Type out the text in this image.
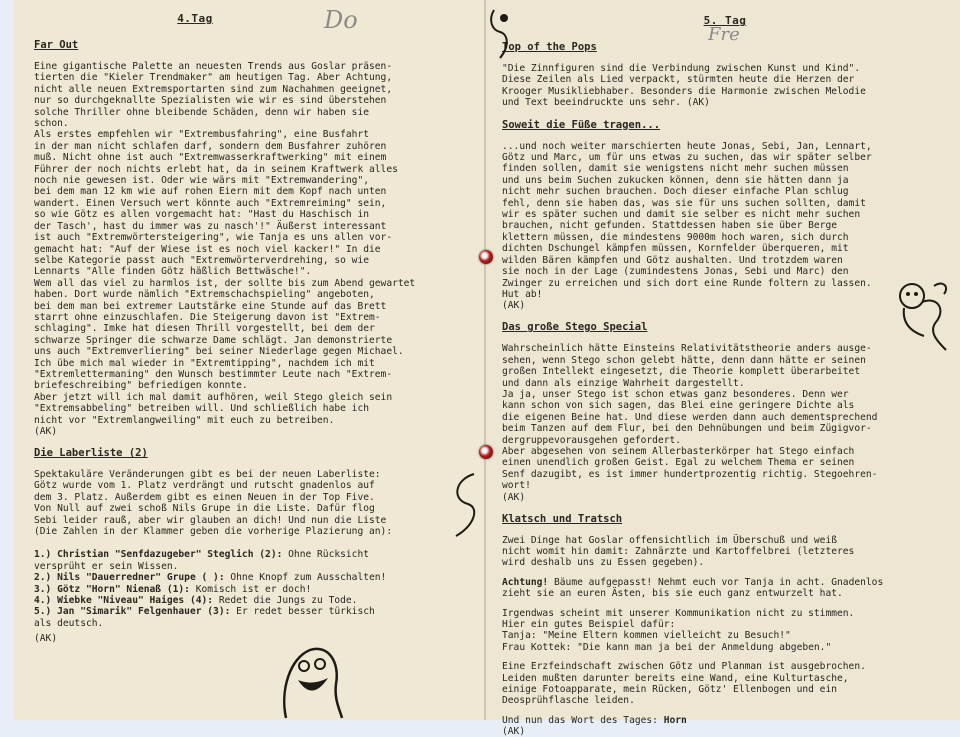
4.Tag	Do
Far Out

Eine gigantische Palette an neuesten Trends aus Goslar präsen-
tierten die "Kieler Trendmaker" am heutigen Tag. Aber Achtung,
nicht alle neuen Extremsportarten sind zum Nachahmen geeignet,
nur so durchgeknallte Spezialisten wie wir es sind überstehen
solche Thriller ohne bleibende Schäden, denn wir haben sie
schon.

Als erstes empfehlen wir "Extrembusfahring", eine Busfahrt
in der man nicht schlafen darf, sondern dem Busfahrer zuhören
muß. Nicht ohne ist auch "Extremwasserkraftwerking" mit einem
Führer der noch nichts erlebt hat, da in seinem Kraftwerk alles
noch nie gewesen ist. Oder wie wärs mit "Extremwandering",
bei dem man 12 km wie auf rohen Eiern mit dem Kopf nach unten
wandert. Einen Versuch wert könnte auch "Extremreiming" sein,
so wie Götz es allen vorgemacht hat: "Hast du Haschisch in
der Tasch', hast du immer was zu nasch'!" Äußerst interessant
ist auch "Extremwörtersteigering", wie Tanja es uns allen vor-
gemacht hat: "Auf der Wiese ist es noch viel kacker!" In die
selbe Kategorie passt auch "Extremwörterverdrehing, so wie
Lennarts "Alle finden Götz häßlich Bettwäsche!".
Wem all das viel zu harmlos ist, der sollte bis zum Abend gewartet
haben. Dort wurde nämlich "Extremschachspieling" angeboten,
bei dem man bei extremer Lautstärke eine Stunde auf das Brett
starrt ohne einzuschlafen. Die Steigerung davon ist "Extrem-
schlaging". Imke hat diesen Thrill vorgestellt, bei dem der
schwarze Springer die schwarze Dame schlägt. Jan demonstrierte
uns auch "Extremverliering" bei seiner Niederlage gegen Michael.
Ich übe mich mal wieder in "Extremtipping", nachdem ich mit
"Extremlettermaning" den Wunsch bestimmter Leute nach "Extrem-
briefeschreibing" befriedigen konnte.
Aber jetzt will ich mal damit aufhören, weil Stego gleich sein
"Extremsabbeling" betreiben will. Und schließlich habe ich
nicht vor "Extremlangweiling" mit euch zu betreiben.

(AK)
Die Laberliste (2)

Spektakuläre Veränderungen gibt es bei der neuen Laberliste:
Götz wurde vom 1. Platz verdrängt und rutscht gnadenlos auf
dem 3. Platz. Außerdem gibt es einen Neuen in der Top Five.
Von Null auf zwei schoß Nils Grupe in die Liste. Dafür flog
Sebi leider rauß, aber wir glauben an dich! Und nun die Liste
(Die Zahlen in der Klammer geben die vorherige Plazierung an):

1.) Christian "Senfdazugeber" Steglich (2): Ohne Rücksicht
versprüht er sein Wissen.
2.) Nils "Dauerredner" Grupe ( ): Ohne Knopf zum Ausschalten!
3.) Götz "Horn" Nienaß (1): Komisch ist er doch!
4.) Wiebke "Niveau" Haiges (4): Redet die Jungs zu Tode.
5.) Jan "Simarik" Felgenhauer (3): Er redet besser türkisch
als deutsch.
(AK)
5. Tag
Fre
Top of the Pops

"Die Zinnfiguren sind die Verbindung zwischen Kunst und Kind".
Diese Zeilen als Lied verpackt, stürmten heute die Herzen der
Krooger Musikliebhaber. Besonders die Harmonie zwischen Melodie
und Text beeindruckte uns sehr. (AK)

Soweit die Füße tragen...

...und noch weiter marschierten heute Jonas, Sebi, Jan, Lennart,
Götz und Marc, um für uns etwas zu suchen, das wir später selber
finden sollen, damit sie wenigstens nicht mehr suchen müssen
und uns beim Suchen zukucken können, denn sie hätten dann ja
nicht mehr suchen brauchen. Doch dieser einfache Plan schlug
fehl, denn sie haben das, was sie für uns suchen sollten, damit
wir es später suchen und damit sie selber es nicht mehr suchen
brauchen, nicht gefunden. Stattdessen haben sie über Berge
klettern müssen, die mindestens 9000m hoch waren, sich durch
dichten Dschungel kämpfen müssen, Kornfelder überqueren, mit
wilden Bären kämpfen und Götz aushalten. Und trotzdem waren
sie noch in der Lage (zumindestens Jonas, Sebi und Marc) den
Zwinger zu erreichen und sich dort eine Runde foltern zu lassen.
Hut ab!

(AK)
Das große Stego Special

Wahrscheinlich hätte Einsteins Relativitätstheorie anders ausge-
sehen, wenn Stego schon gelebt hätte, denn dann hätte er seinen
großen Intellekt eingesetzt, die Theorie komplett überarbeitet
und dann als einzige Wahrheit dargestellt.
Ja ja, unser Stego ist schon etwas ganz besonderes. Denn wer
kann schon von sich sagen, das Blei eine geringere Dichte als
die eigenen Beine hat. Und diese werden dann auch dementsprechend
beim Tanzen auf dem Flur, bei den Dehnübungen und beim Zügigvor-
dergruppevorausgehen gefordert.
Aber abgesehen von seinem Allerbasterkörper hat Stego einfach
einen unendlich großen Geist. Egal zu welchem Thema er seinen
Senf dazugibt, es ist immer hundertprozentig richtig. Stegoehren-
wort!

(AK)
Klatsch und Tratsch

Zwei Dinge hat Goslar offensichtlich im Überschuß und weiß
nicht womit hin damit: Zahnärzte und Kartoffelbrei (letzteres
wird deshalb uns zu Essen gegeben).

Achtung! Bäume aufgepasst! Nehmt euch vor Tanja in acht. Gnadenlos
zieht sie an euren Ästen, bis sie euch ganz entwurzelt hat.

Irgendwas scheint mit unserer Kommunikation nicht zu stimmen.
Hier ein gutes Beispiel dafür:
Tanja: "Meine Eltern kommen vielleicht zu Besuch!"
Frau Kottek: "Die kann man ja bei der Anmeldung abgeben."

Eine Erzfeindschaft zwischen Götz und Planman ist ausgebrochen.
Leiden mußten darunter bereits eine Wand, eine Kulturtasche,
einige Fotoapparate, mein Rücken, Götz' Ellenbogen und ein
Deosprühflasche leiden.

Und nun das Wort des Tages: Horn

(AK)
